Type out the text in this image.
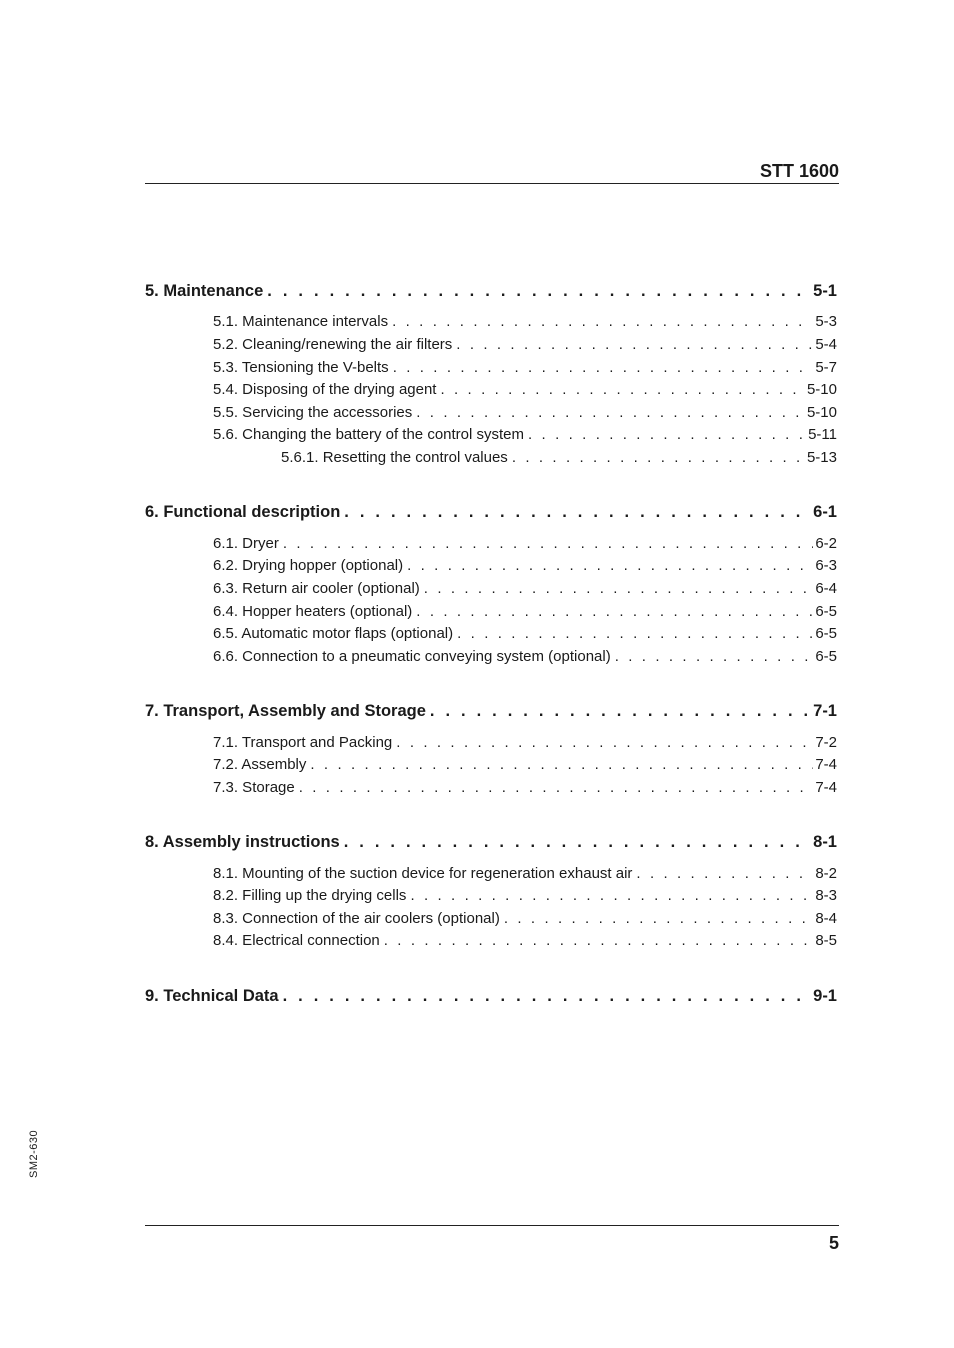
STT 1600
5. Maintenance . . .	5-1
5.1. Maintenance intervals . . .	5-3
5.2. Cleaning/renewing the air filters . . .	5-4
5.3. Tensioning the V-belts . . .	5-7
5.4. Disposing of the drying agent . . .	5-10
5.5. Servicing the accessories . . .	5-10
5.6. Changing the battery of the control system . . .	5-11
5.6.1. Resetting the control values . . .	5-13
6. Functional description . . .	6-1
6.1. Dryer . . .	6-2
6.2. Drying hopper (optional) . . .	6-3
6.3. Return air cooler (optional) . . .	6-4
6.4. Hopper heaters (optional) . . .	6-5
6.5. Automatic motor flaps (optional) . . .	6-5
6.6. Connection to a pneumatic conveying system (optional) . . .	6-5
7. Transport, Assembly and Storage . . .	7-1
7.1. Transport and Packing . . .	7-2
7.2. Assembly . . .	7-4
7.3. Storage . . .	7-4
8. Assembly instructions . . .	8-1
8.1. Mounting of the suction device for regeneration exhaust air . . .	8-2
8.2. Filling up the drying cells . . .	8-3
8.3. Connection of the air coolers (optional) . . .	8-4
8.4. Electrical connection . . .	8-5
9. Technical Data . . .	9-1
SM2-630
5
